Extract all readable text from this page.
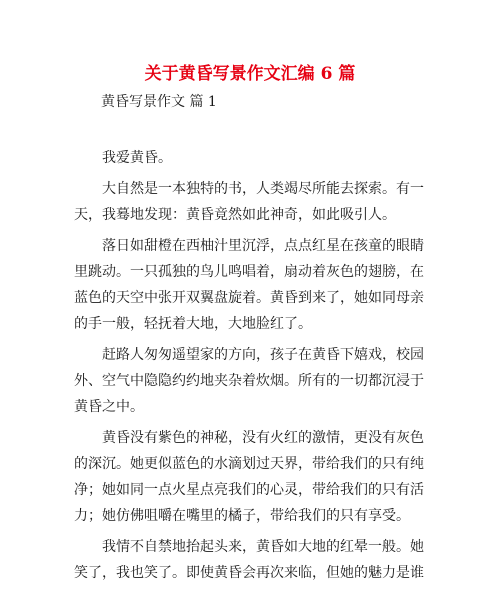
关于黄昏写景作文汇编 6 篇
黄昏写景作文 篇 1

我爱黄昏。

大自然是一本独特的书，人类竭尽所能去探索。有一
天，我蓦地发现：黄昏竟然如此神奇，如此吸引人。

落日如甜橙在西柚汁里沉浮，点点红星在孩童的眼睛
里跳动。一只孤独的鸟儿鸣唱着，扇动着灰色的翅膀，在
蓝色的天空中张开双翼盘旋着。黄昏到来了，她如同母亲
的手一般，轻抚着大地，大地脸红了。

赶路人匆匆遥望家的方向，孩子在黄昏下嬉戏，校园
外、空气中隐隐约约地夹杂着炊烟。所有的一切都沉浸于
黄昏之中。

黄昏没有紫色的神秘，没有火红的激情，更没有灰色
的深沉。她更似蓝色的水滴划过天界，带给我们的只有纯
净；她如同一点火星点亮我们的心灵，带给我们的只有活
力；她仿佛咀嚼在嘴里的橘子，带给我们的只有享受。

我情不自禁地抬起头来，黄昏如大地的红晕一般。她
笑了，我也笑了。即使黄昏会再次来临，但她的魅力是谁
